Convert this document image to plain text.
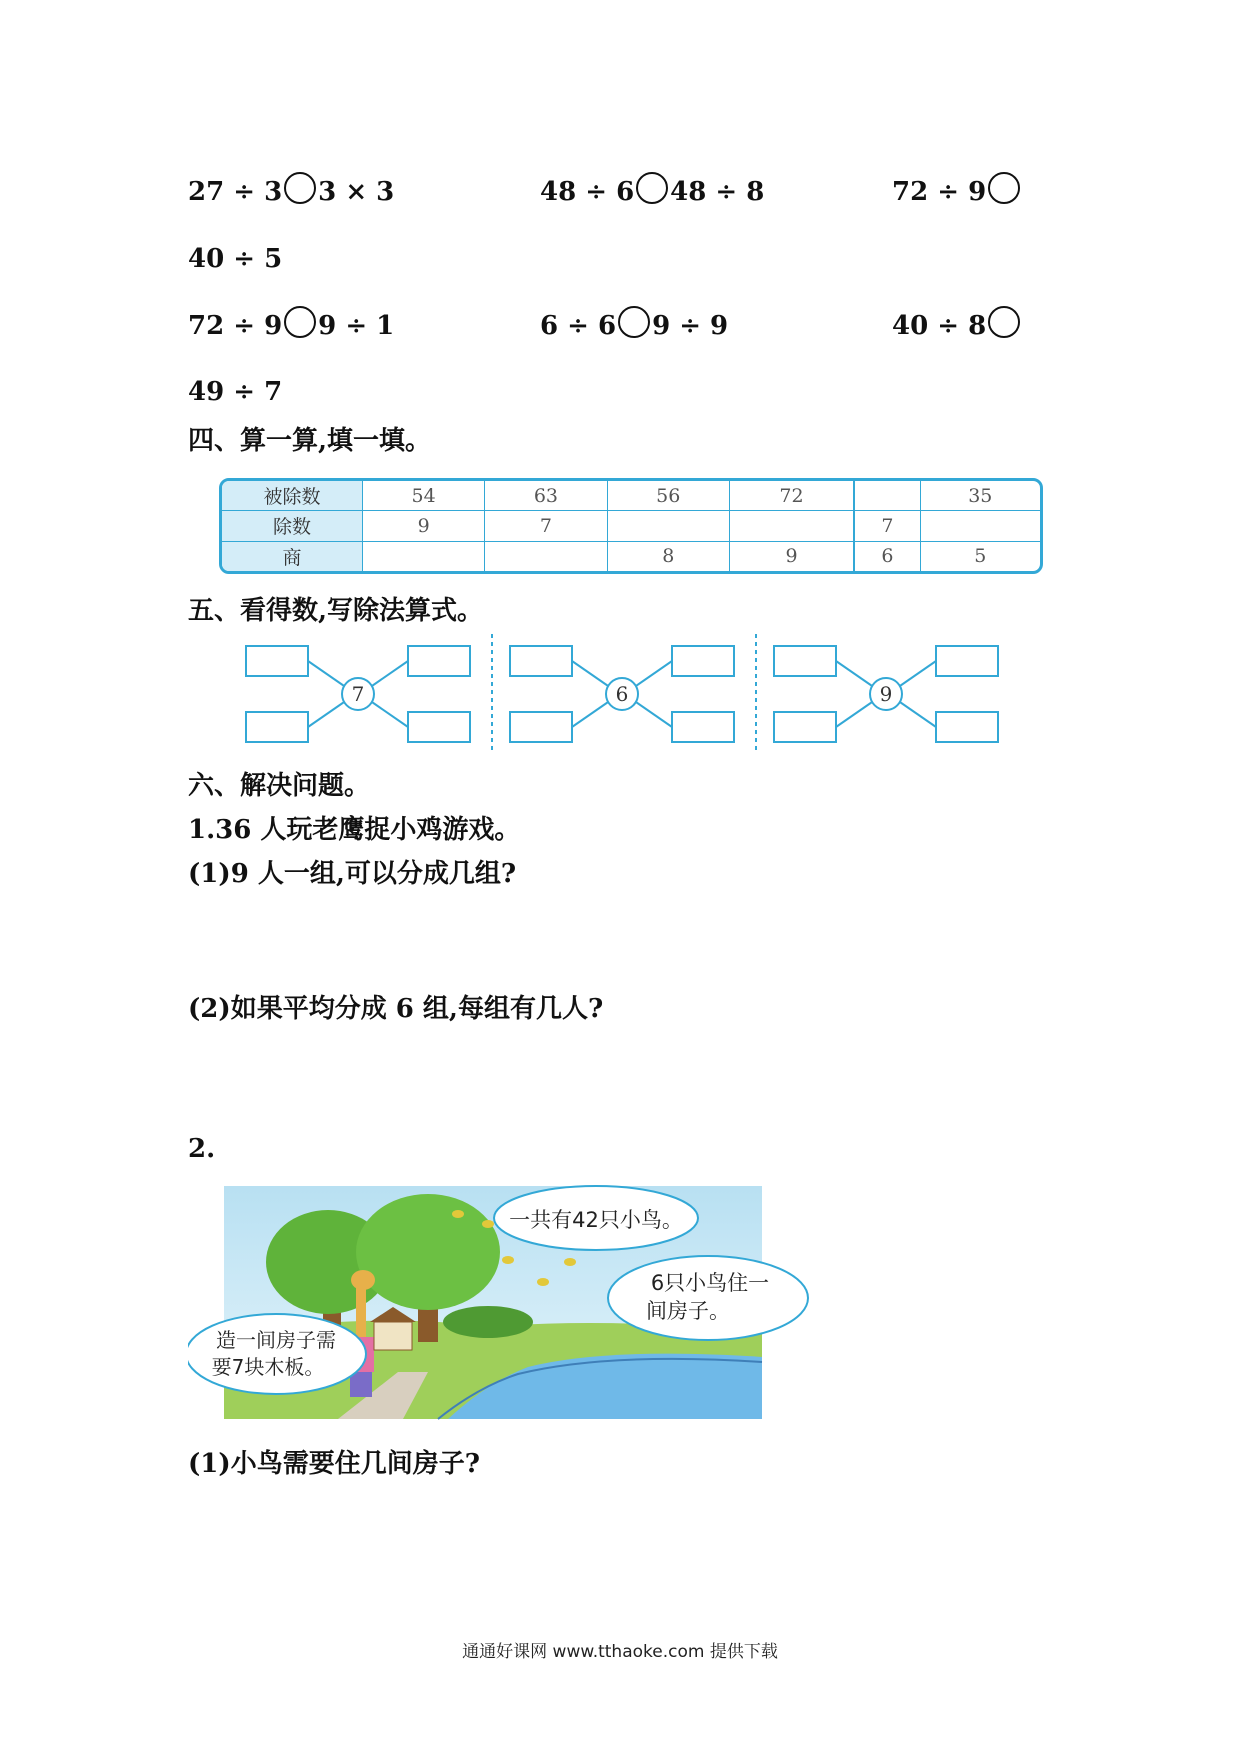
27 ÷ 3 3 × 3	48 ÷ 6 48 ÷ 8	72 ÷ 9
40 ÷ 5
72 ÷ 9 9 ÷ 1	6 ÷ 6 9 ÷ 9	40 ÷ 8
49 ÷ 7
四、算一算,填一填。
被除数	54	63	56	72		35
除数	9	7			7	
商			8	9	6	5
五、看得数,写除法算式。
7	6	9
六、解决问题。
1.36 人玩老鹰捉小鸡游戏。
(1)9 人一组,可以分成几组?
(2)如果平均分成 6 组,每组有几人?
2.
一共有42只小鸟。
6只小鸟住一
间房子。
造一间房子需
要7块木板。
(1)小鸟需要住几间房子?
通通好课网 www.tthaoke.com 提供下载
